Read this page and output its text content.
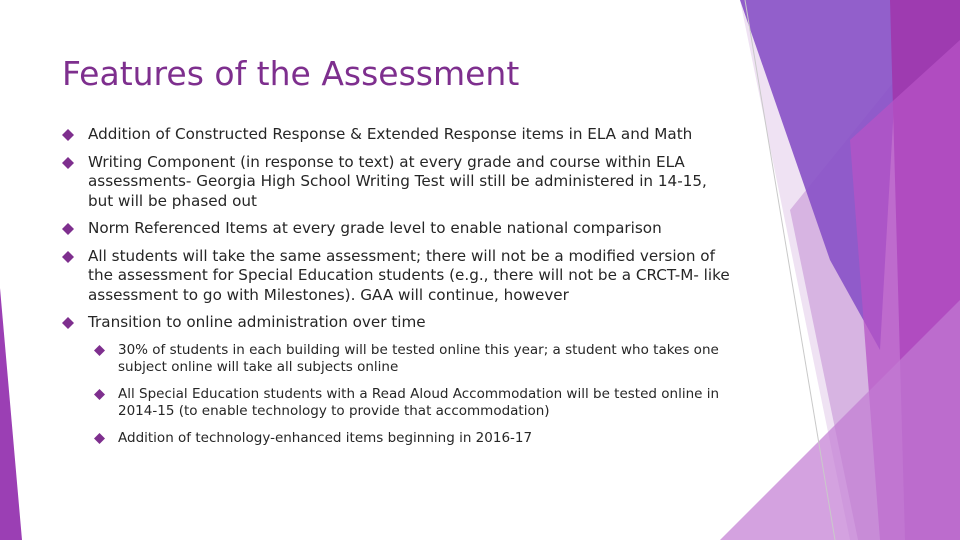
Features of the Assessment
Addition of Constructed Response & Extended Response items in ELA and Math
Writing Component (in response to text) at every grade and course within ELA assessments- Georgia High School Writing Test will still be administered in 14-15, but will be phased out
Norm Referenced Items at every grade level to enable national comparison
All students will take the same assessment; there will not be a modified version of the assessment for Special Education students (e.g., there will not be a CRCT-M- like assessment to go with Milestones). GAA will continue, however
Transition to online administration over time
30% of students in each building will be tested online this year; a student who takes one subject online will take all subjects online
All Special Education students with a Read Aloud Accommodation will be tested online in 2014-15 (to enable technology to provide that accommodation)
Addition of technology-enhanced items beginning in 2016-17
